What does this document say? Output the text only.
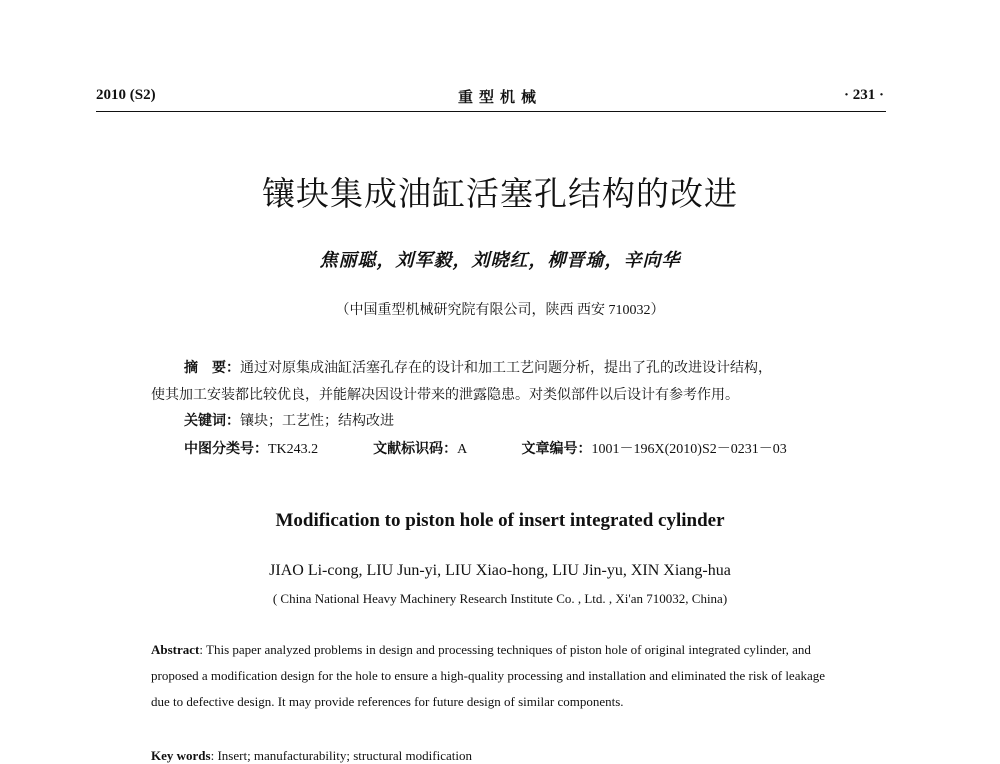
2010 (S2)	重型机械	· 231 ·
镶块集成油缸活塞孔结构的改进
焦丽聪，刘军毅，刘晓红，柳晋瑜，辛向华
（中国重型机械研究院有限公司，陕西 西安 710032）
摘　要：通过对原集成油缸活塞孔存在的设计和加工工艺问题分析，提出了孔的改进设计结构，
使其加工安装都比较优良，并能解决因设计带来的泄露隐患。对类似部件以后设计有参考作用。
关键词：镶块；工艺性；结构改进
中图分类号：TK243.2	文献标识码：A	文章编号：1001－196X(2010)S2－0231－03
Modification to piston hole of insert integrated cylinder
JIAO Li-cong, LIU Jun-yi, LIU Xiao-hong, LIU Jin-yu, XIN Xiang-hua
( China National Heavy Machinery Research Institute Co. , Ltd. , Xi'an 710032, China)
Abstract: This paper analyzed problems in design and processing techniques of piston hole of original integrated cylinder, and proposed a modification design for the hole to ensure a high-quality processing and installation and eliminated the risk of leakage due to defective design. It may provide references for future design of similar components.
Key words: Insert; manufacturability; structural modification
